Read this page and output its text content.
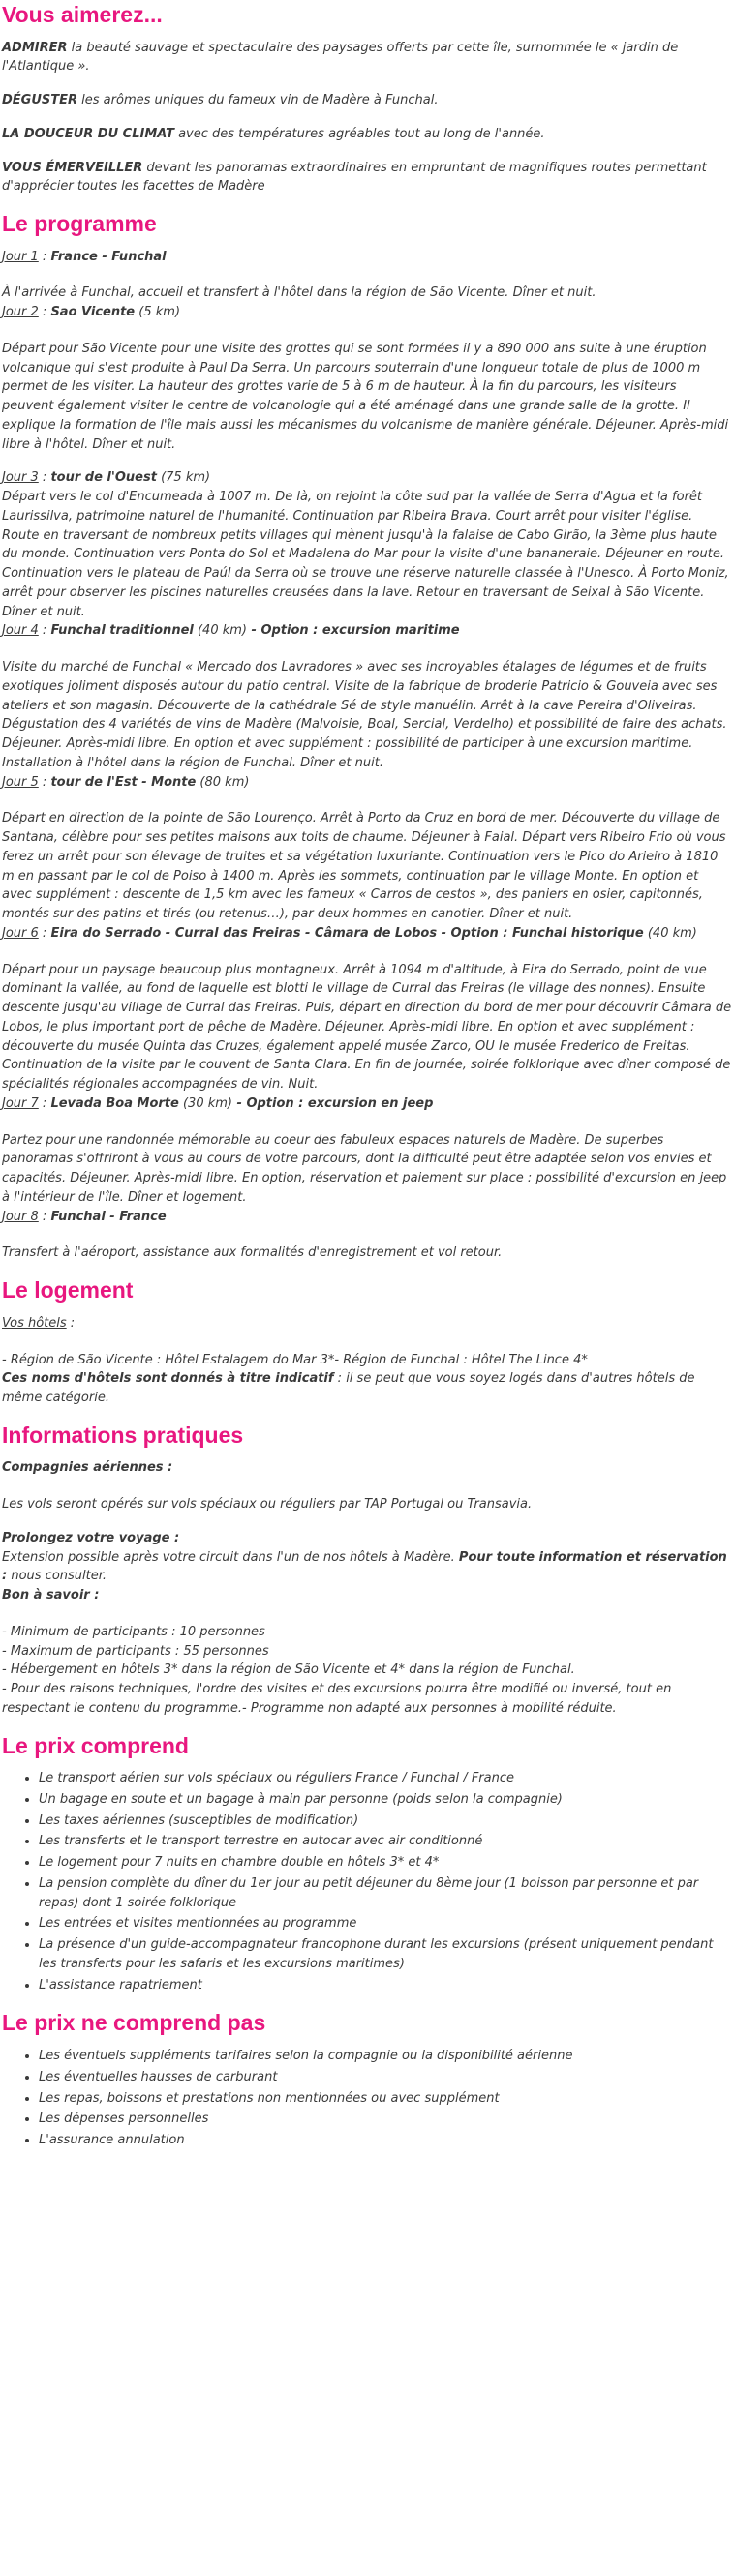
Vous aimerez...

ADMIRER la beauté sauvage et spectaculaire des paysages offerts par cette île, surnommée le « jardin de l'Atlantique ».

DÉGUSTER les arômes uniques du fameux vin de Madère à Funchal.

LA DOUCEUR DU CLIMAT avec des températures agréables tout au long de l'année.

VOUS ÉMERVEILLER devant les panoramas extraordinaires en empruntant de magnifiques routes permettant d'apprécier toutes les facettes de Madère

Le programme

Jour 1 : France - Funchal

À l'arrivée à Funchal, accueil et transfert à l'hôtel dans la région de São Vicente. Dîner et nuit.

Jour 2 : Sao Vicente (5 km)

Départ pour São Vicente pour une visite des grottes qui se sont formées il y a 890 000 ans suite à une éruption volcanique qui s'est produite à Paul Da Serra. Un parcours souterrain d'une longueur totale de plus de 1000 m permet de les visiter. La hauteur des grottes varie de 5 à 6 m de hauteur. À la fin du parcours, les visiteurs peuvent également visiter le centre de volcanologie qui a été aménagé dans une grande salle de la grotte. Il explique la formation de l'île mais aussi les mécanismes du volcanisme de manière générale. Déjeuner. Après-midi libre à l'hôtel. Dîner et nuit.

Jour 3 : tour de l'Ouest (75 km)

Départ vers le col d'Encumeada à 1007 m. De là, on rejoint la côte sud par la vallée de Serra d'Agua et la forêt Laurissilva, patrimoine naturel de l'humanité. Continuation par Ribeira Brava. Court arrêt pour visiter l'église. Route en traversant de nombreux petits villages qui mènent jusqu'à la falaise de Cabo Girão, la 3ème plus haute du monde. Continuation vers Ponta do Sol et Madalena do Mar pour la visite d'une bananeraie. Déjeuner en route. Continuation vers le plateau de Paúl da Serra où se trouve une réserve naturelle classée à l'Unesco. À Porto Moniz, arrêt pour observer les piscines naturelles creusées dans la lave. Retour en traversant de Seixal à São Vicente. Dîner et nuit.

Jour 4 : Funchal traditionnel (40 km) - Option : excursion maritime

Visite du marché de Funchal « Mercado dos Lavradores » avec ses incroyables étalages de légumes et de fruits exotiques joliment disposés autour du patio central. Visite de la fabrique de broderie Patricio & Gouveia avec ses ateliers et son magasin. Découverte de la cathédrale Sé de style manuélin. Arrêt à la cave Pereira d'Oliveiras. Dégustation des 4 variétés de vins de Madère (Malvoisie, Boal, Sercial, Verdelho) et possibilité de faire des achats. Déjeuner. Après-midi libre. En option et avec supplément : possibilité de participer à une excursion maritime. Installation à l'hôtel dans la région de Funchal. Dîner et nuit.

Jour 5 : tour de l'Est - Monte (80 km)

Départ en direction de la pointe de São Lourenço. Arrêt à Porto da Cruz en bord de mer. Découverte du village de Santana, célèbre pour ses petites maisons aux toits de chaume. Déjeuner à Faial. Départ vers Ribeiro Frio où vous ferez un arrêt pour son élevage de truites et sa végétation luxuriante. Continuation vers le Pico do Arieiro à 1810 m en passant par le col de Poiso à 1400 m. Après les sommets, continuation par le village Monte. En option et avec supplément : descente de 1,5 km avec les fameux « Carros de cestos », des paniers en osier, capitonnés, montés sur des patins et tirés (ou retenus…), par deux hommes en canotier. Dîner et nuit.

Jour 6 : Eira do Serrado - Curral das Freiras - Câmara de Lobos - Option : Funchal historique (40 km)

Départ pour un paysage beaucoup plus montagneux. Arrêt à 1094 m d'altitude, à Eira do Serrado, point de vue dominant la vallée, au fond de laquelle est blotti le village de Curral das Freiras (le village des nonnes). Ensuite descente jusqu'au village de Curral das Freiras. Puis, départ en direction du bord de mer pour découvrir Câmara de Lobos, le plus important port de pêche de Madère. Déjeuner. Après-midi libre. En option et avec supplément : découverte du musée Quinta das Cruzes, également appelé musée Zarco, OU le musée Frederico de Freitas. Continuation de la visite par le couvent de Santa Clara. En fin de journée, soirée folklorique avec dîner composé de spécialités régionales accompagnées de vin. Nuit.

Jour 7 : Levada Boa Morte (30 km) - Option : excursion en jeep

Partez pour une randonnée mémorable au coeur des fabuleux espaces naturels de Madère. De superbes panoramas s'offriront à vous au cours de votre parcours, dont la difficulté peut être adaptée selon vos envies et capacités. Déjeuner. Après-midi libre. En option, réservation et paiement sur place : possibilité d'excursion en jeep à l'intérieur de l'île. Dîner et logement.

Jour 8 : Funchal - France

Transfert à l'aéroport, assistance aux formalités d'enregistrement et vol retour.

Le logement

Vos hôtels :

- Région de São Vicente : Hôtel Estalagem do Mar 3*- Région de Funchal : Hôtel The Lince 4*

Ces noms d'hôtels sont donnés à titre indicatif : il se peut que vous soyez logés dans d'autres hôtels de même catégorie.

Informations pratiques

Compagnies aériennes :

Les vols seront opérés sur vols spéciaux ou réguliers par TAP Portugal ou Transavia.

Prolongez votre voyage :

Extension possible après votre circuit dans l'un de nos hôtels à Madère. Pour toute information et réservation : nous consulter.

Bon à savoir :

- Minimum de participants : 10 personnes

- Maximum de participants : 55 personnes

- Hébergement en hôtels 3* dans la région de São Vicente et 4* dans la région de Funchal.

- Pour des raisons techniques, l'ordre des visites et des excursions pourra être modifié ou inversé, tout en respectant le contenu du programme.- Programme non adapté aux personnes à mobilité réduite.

Le prix comprend
• Le transport aérien sur vols spéciaux ou réguliers France / Funchal / France
• Un bagage en soute et un bagage à main par personne (poids selon la compagnie)
• Les taxes aériennes (susceptibles de modification)
• Les transferts et le transport terrestre en autocar avec air conditionné
• Le logement pour 7 nuits en chambre double en hôtels 3* et 4*
• La pension complète du dîner du 1er jour au petit déjeuner du 8ème jour (1 boisson par personne et par repas) dont 1 soirée folklorique
• Les entrées et visites mentionnées au programme
• La présence d'un guide-accompagnateur francophone durant les excursions (présent uniquement pendant les transferts pour les safaris et les excursions maritimes)
• L'assistance rapatriement
Le prix ne comprend pas
• Les éventuels suppléments tarifaires selon la compagnie ou la disponibilité aérienne
• Les éventuelles hausses de carburant
• Les repas, boissons et prestations non mentionnées ou avec supplément
• Les dépenses personnelles
• L'assurance annulation
